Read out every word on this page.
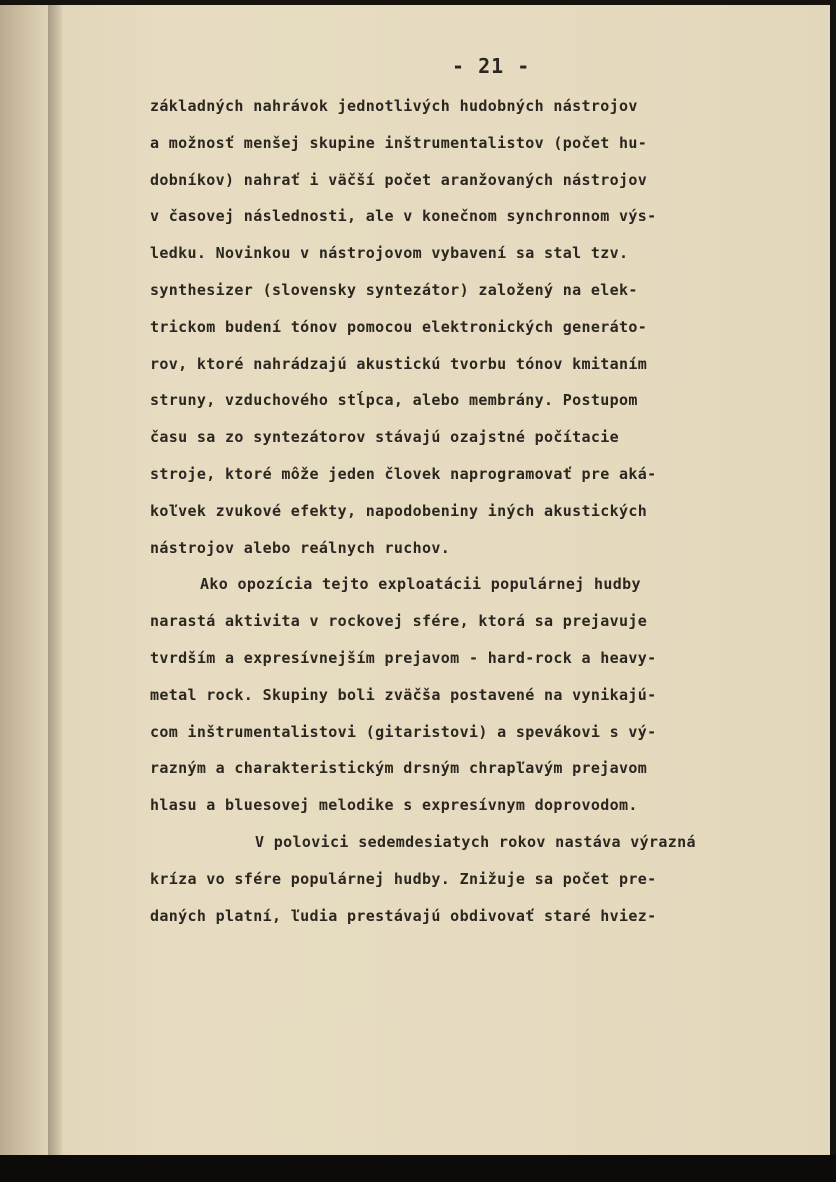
- 21 -
základných nahrávok jednotlivých hudobných nástrojov
a možnosť menšej skupine inštrumentalistov (počet hu-
dobníkov) nahrať i väčší počet aranžovaných nástrojov
v časovej následnosti, ale v konečnom synchronnom výs-
ledku. Novinkou v nástrojovom vybavení sa stal tzv.
synthesizer (slovensky syntezátor) založený na elek-
trickom budení tónov pomocou elektronických generáto-
rov, ktoré nahrádzajú akustickú tvorbu tónov kmitaním
struny, vzduchového stĺpca, alebo membrány. Postupom
času sa zo syntezátorov stávajú ozajstné počítacie
stroje, ktoré môže jeden človek naprogramovať pre aká-
koľvek zvukové efekty, napodobeniny iných akustických
nástrojov alebo reálnych ruchov.
Ako opozícia tejto exploatácii populárnej hudby
narastá aktivita v rockovej sfére, ktorá sa prejavuje
tvrdším a expresívnejším prejavom - hard-rock a heavy-
metal rock. Skupiny boli zväčša postavené na vynikajú-
com inštrumentalistovi (gitaristovi) a spevákovi s vý-
razným a charakteristickým drsným chrapľavým prejavom
hlasu a bluesovej melodike s expresívnym doprovodom.
V polovici sedemdesiatych rokov nastáva výrazná
kríza vo sfére populárnej hudby. Znižuje sa počet pre-
daných platní, ľudia prestávajú obdivovať staré hviez-
